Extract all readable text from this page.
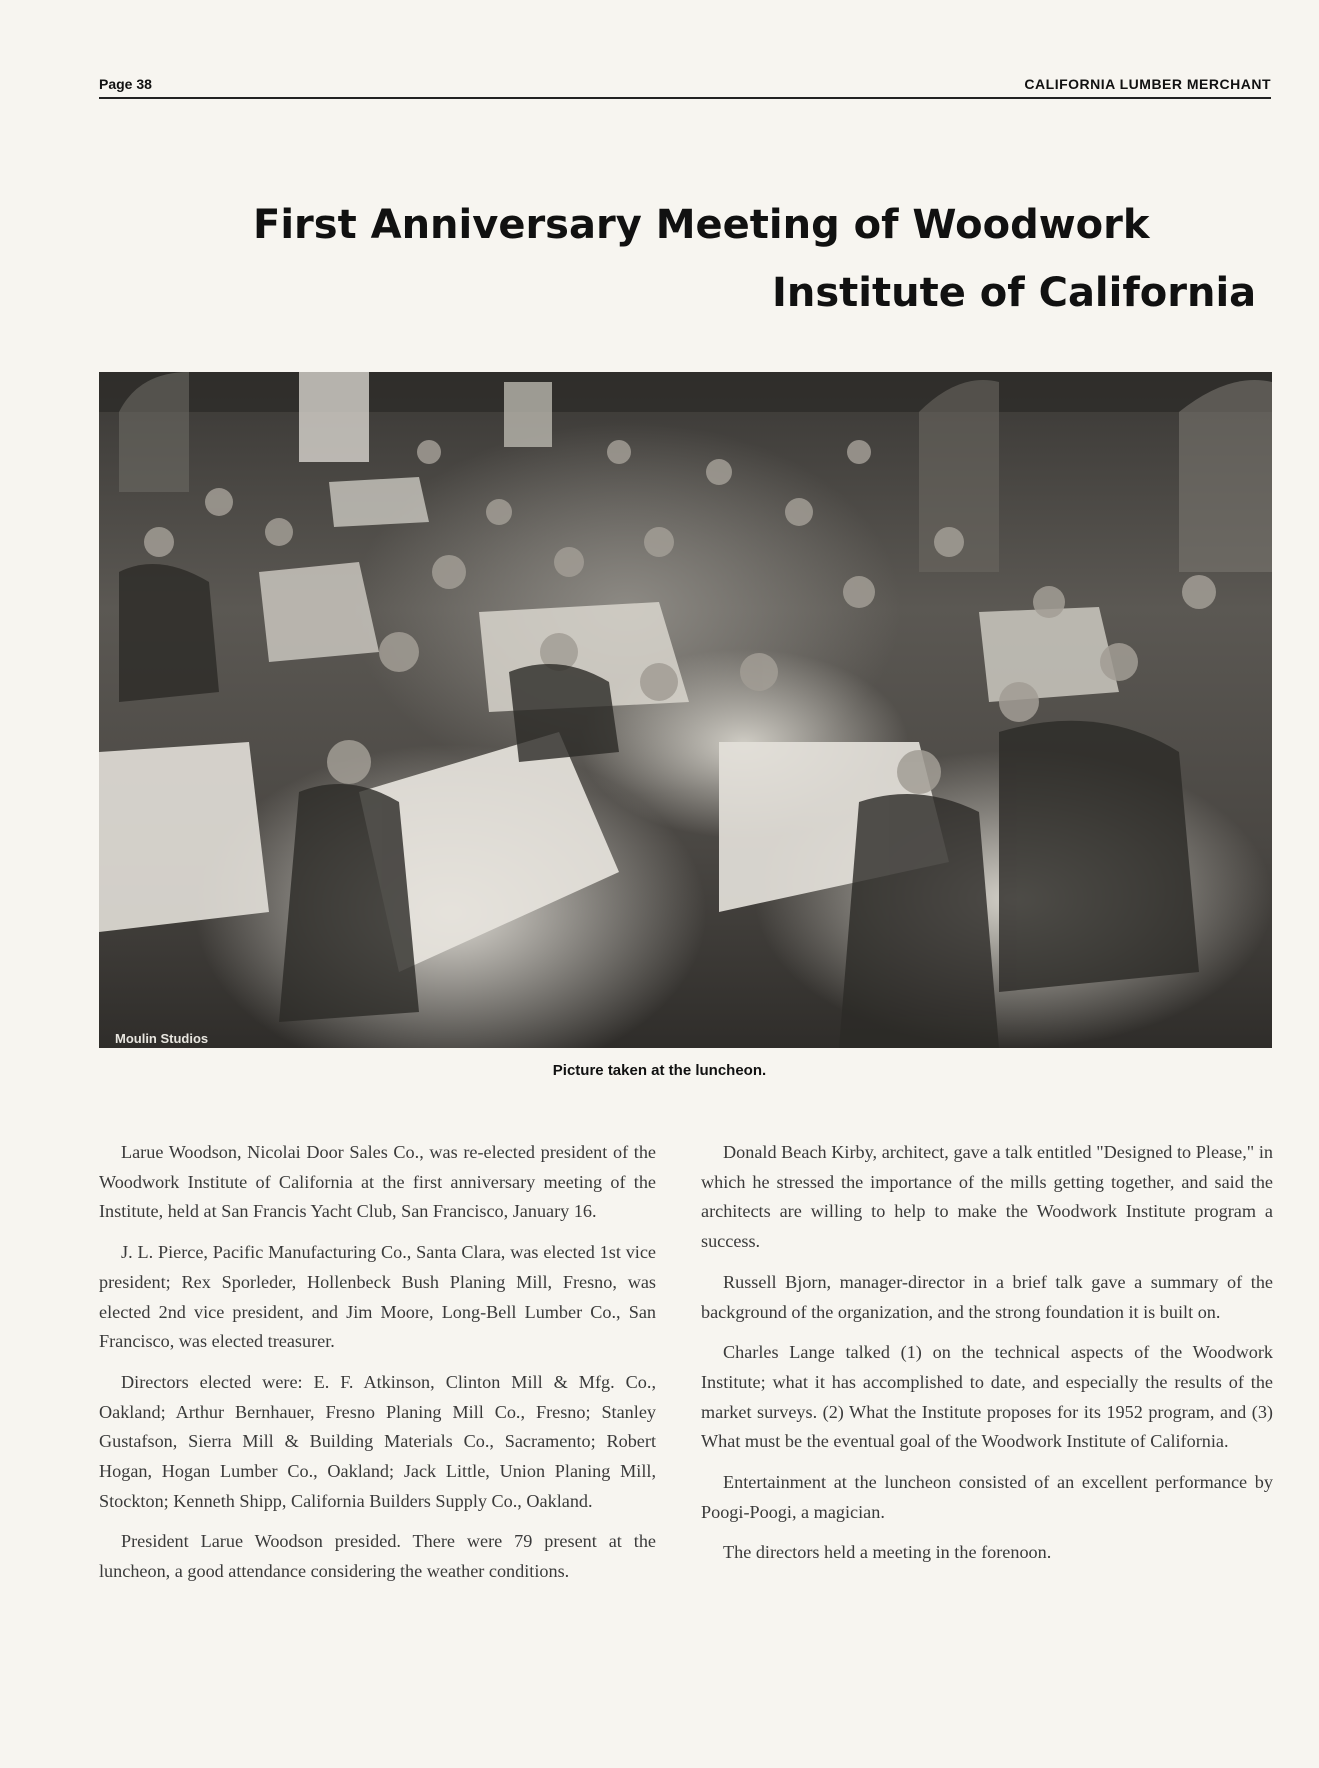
Page 38	CALIFORNIA LUMBER MERCHANT
First Anniversary Meeting of Woodwork
Institute of California
Moulin Studios
Picture taken at the luncheon.

Larue Woodson, Nicolai Door Sales Co., was re-elected president of the Woodwork Institute of California at the first anniversary meeting of the Institute, held at San Francis Yacht Club, San Francisco, January 16.

J. L. Pierce, Pacific Manufacturing Co., Santa Clara, was elected 1st vice president; Rex Sporleder, Hollenbeck Bush Planing Mill, Fresno, was elected 2nd vice president, and Jim Moore, Long-Bell Lumber Co., San Francisco, was elected treasurer.

Directors elected were: E. F. Atkinson, Clinton Mill & Mfg. Co., Oakland; Arthur Bernhauer, Fresno Planing Mill Co., Fresno; Stanley Gustafson, Sierra Mill & Building Materials Co., Sacramento; Robert Hogan, Hogan Lumber Co., Oakland; Jack Little, Union Planing Mill, Stockton; Kenneth Shipp, California Builders Supply Co., Oakland.

President Larue Woodson presided. There were 79 present at the luncheon, a good attendance considering the weather conditions.

Donald Beach Kirby, architect, gave a talk entitled "Designed to Please," in which he stressed the importance of the mills getting together, and said the architects are willing to help to make the Woodwork Institute program a success.

Russell Bjorn, manager-director in a brief talk gave a summary of the background of the organization, and the strong foundation it is built on.

Charles Lange talked (1) on the technical aspects of the Woodwork Institute; what it has accomplished to date, and especially the results of the market surveys. (2) What the Institute proposes for its 1952 program, and (3) What must be the eventual goal of the Woodwork Institute of California.

Entertainment at the luncheon consisted of an excellent performance by Poogi-Poogi, a magician.

The directors held a meeting in the forenoon.
